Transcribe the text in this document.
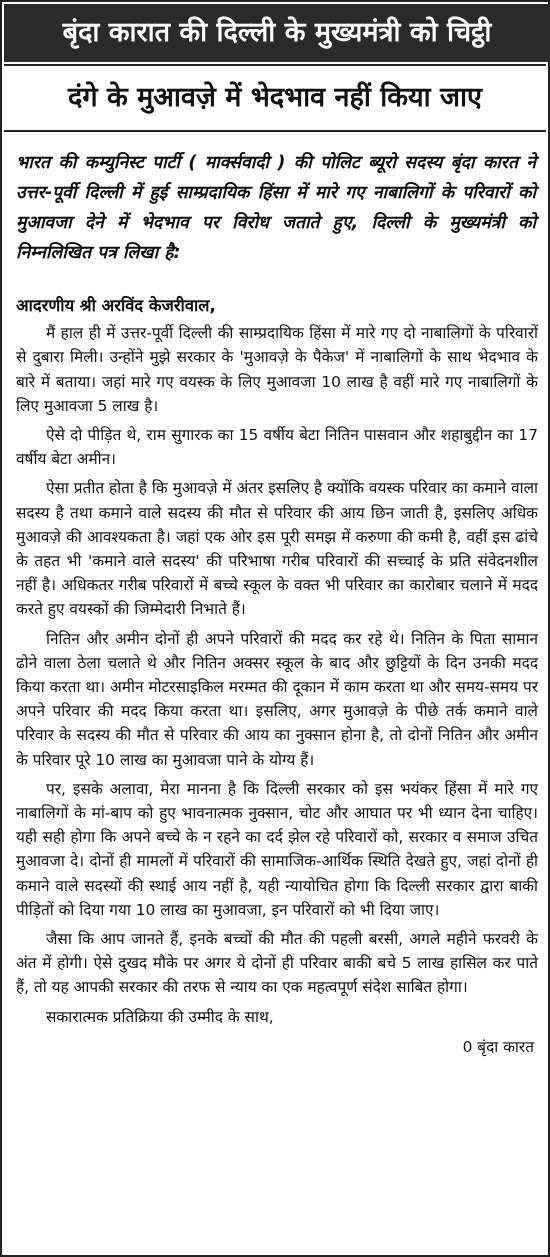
बृंदा कारात की दिल्ली के मुख्यमंत्री को चिट्ठी
दंगे के मुआवज़े में भेदभाव नहीं किया जाए
भारत की कम्युनिस्ट पार्टी ( मार्क्सवादी ) की पोलिट ब्यूरो सदस्य बृंदा कारत ने उत्तर-पूर्वी दिल्ली में हुई साम्प्रदायिक हिंसा में मारे गए नाबालिगों के परिवारों को मुआवजा देने में भेदभाव पर विरोध जताते हुए, दिल्ली के मुख्यमंत्री को निम्नलिखित पत्र लिखा है:

आदरणीय श्री अरविंद केजरीवाल,

मैं हाल ही में उत्तर-पूर्वी दिल्ली की साम्प्रदायिक हिंसा में मारे गए दो नाबालिगों के परिवारों से दुबारा मिली। उन्होंने मुझे सरकार के 'मुआवज़े के पैकेज' में नाबालिगों के साथ भेदभाव के बारे में बताया। जहां मारे गए वयस्क के लिए मुआवजा 10 लाख है वहीं मारे गए नाबालिगों के लिए मुआवजा 5 लाख है।

ऐसे दो पीड़ित थे, राम सुगारक का 15 वर्षीय बेटा नितिन पासवान और शहाबुद्दीन का 17 वर्षीय बेटा अमीन।

ऐसा प्रतीत होता है कि मुआवज़े में अंतर इसलिए है क्योंकि वयस्क परिवार का कमाने वाला सदस्य है तथा कमाने वाले सदस्य की मौत से परिवार की आय छिन जाती है, इसलिए अधिक मुआवज़े की आवश्यकता है। जहां एक ओर इस पूरी समझ में करुणा की कमी है, वहीं इस ढांचे के तहत भी 'कमाने वाले सदस्य' की परिभाषा गरीब परिवारों की सच्चाई के प्रति संवेदनशील नहीं है। अधिकतर गरीब परिवारों में बच्चे स्कूल के वक्त भी परिवार का कारोबार चलाने में मदद करते हुए वयस्कों की जिम्मेदारी निभाते हैं।

नितिन और अमीन दोनों ही अपने परिवारों की मदद कर रहे थे। नितिन के पिता सामान ढोने वाला ठेला चलाते थे और नितिन अक्सर स्कूल के बाद और छुट्टियों के दिन उनकी मदद किया करता था। अमीन मोटरसाइकिल मरम्मत की दूकान में काम करता था और समय-समय पर अपने परिवार की मदद किया करता था। इसलिए, अगर मुआवज़े के पीछे तर्क कमाने वाले परिवार के सदस्य की मौत से परिवार की आय का नुक्सान होना है, तो दोनों नितिन और अमीन के परिवार पूरे 10 लाख का मुआवजा पाने के योग्य हैं।

पर, इसके अलावा, मेरा मानना है कि दिल्ली सरकार को इस भयंकर हिंसा में मारे गए नाबालिगों के मां-बाप को हुए भावनात्मक नुक्सान, चोट और आघात पर भी ध्यान देना चाहिए। यही सही होगा कि अपने बच्चे के न रहने का दर्द झेल रहे परिवारों को, सरकार व समाज उचित मुआवजा दे। दोनों ही मामलों में परिवारों की सामाजिक-आर्थिक स्थिति देखते हुए, जहां दोनों ही कमाने वाले सदस्यों की स्थाई आय नहीं है, यही न्यायोचित होगा कि दिल्ली सरकार द्वारा बाकी पीड़ितों को दिया गया 10 लाख का मुआवजा, इन परिवारों को भी दिया जाए।

जैसा कि आप जानते हैं, इनके बच्चों की मौत की पहली बरसी, अगले महीने फरवरी के अंत में होगी। ऐसे दुखद मौके पर अगर ये दोनों ही परिवार बाकी बचे 5 लाख हासिल कर पाते हैं, तो यह आपकी सरकार की तरफ से न्याय का एक महत्वपूर्ण संदेश साबित होगा।

सकारात्मक प्रतिक्रिया की उम्मीद के साथ,

0 बृंदा कारत
